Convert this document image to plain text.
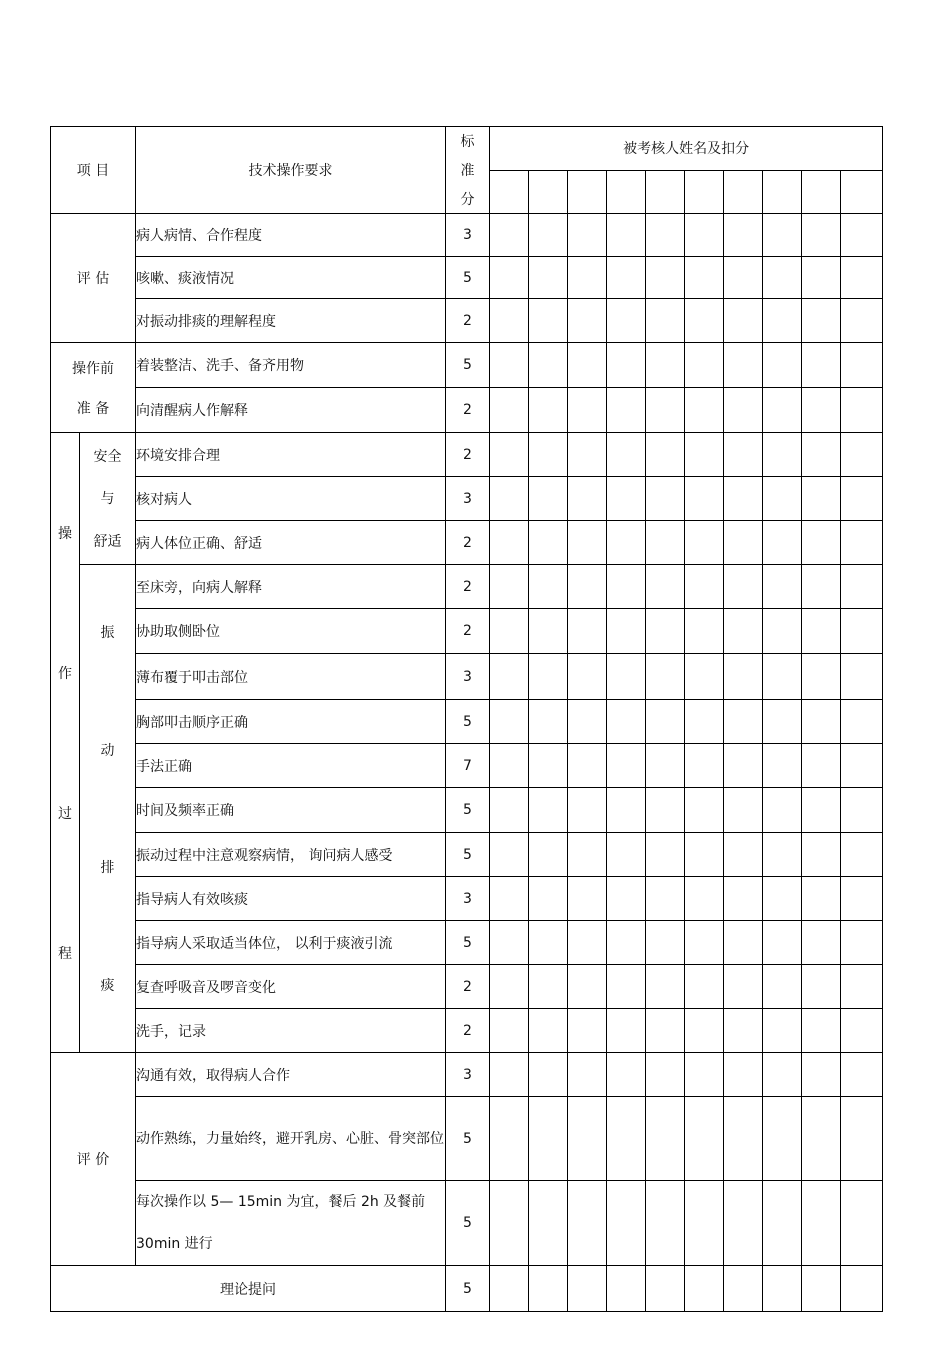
项 目		技术操作要求	标
准
分	被考核人姓名及扣分									

评 估		病人病情、合作程度	3										
		咳嗽、痰液情况	5										
		对振动排痰的理解程度	2										

操作前
准 备		着装整洁、洗手、备齐用物	5										
		向清醒病人作解释	2										

操
作
过
程	安全
与
舒适	环境安排合理	2										
		核对病人	3										
		病人体位正确、舒适	2										

	振
动
排
痰	至床旁，向病人解释	2										
		协助取侧卧位	2										
		薄布覆于叩击部位	3										
		胸部叩击顺序正确	5										
		手法正确	7										
		时间及频率正确	5										
		振动过程中注意观察病情， 询问病人感受	5										
		指导病人有效咳痰	3										
		指导病人采取适当体位， 以利于痰液引流	5										
		复查呼吸音及啰音变化	2										
		洗手，记录	2										
评 价		沟通有效，取得病人合作	3										
		动作熟练，力量始终，避开乳房、心脏、骨突部位	5										
		每次操作以 5— 15min 为宜，餐后 2h 及餐前 30min 进行	5										
理论提问			5										
